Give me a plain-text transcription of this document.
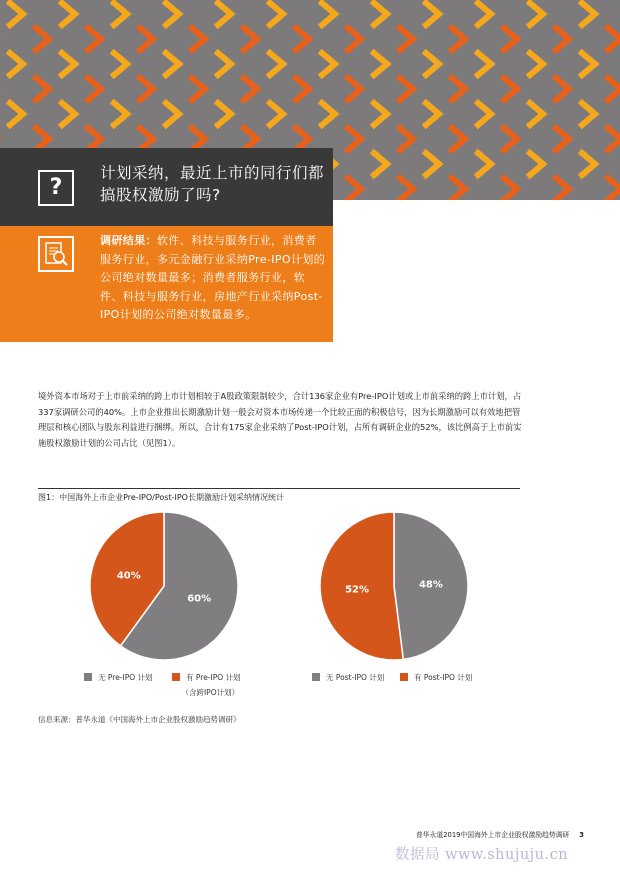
?
计划采纳，最近上市的同行们都搞股权激励了吗?
调研结果：软件、科技与服务行业，消费者服务行业，多元金融行业采纳Pre-IPO计划的公司绝对数量最多；消费者服务行业，软件、科技与服务行业，房地产行业采纳Post-IPO计划的公司绝对数量最多。
境外资本市场对于上市前采纳的跨上市计划相较于A股政策限制较少，合计136家企业有Pre-IPO计划或上市前采纳的跨上市计划，占337家调研公司的40%。上市企业推出长期激励计划一般会对资本市场传递一个比较正面的积极信号，因为长期激励可以有效地把管理层和核心团队与股东利益进行捆绑。所以，合计有175家企业采纳了Post-IPO计划，占所有调研企业的52%，该比例高于上市前实施股权激励计划的公司占比（见图1）。
图1：中国海外上市企业Pre-IPO/Post-IPO长期激励计划采纳情况统计
60%
40%
48%
52%
无 Pre-IPO 计划	有 Pre-IPO 计划
（含跨IPO计划）
无 Post-IPO 计划	有 Post-IPO 计划
信息来源：普华永道《中国海外上市企业股权激励趋势调研》
普华永道2019中国海外上市企业股权激励趋势调研 3
数据局 www.shujuju.cn
